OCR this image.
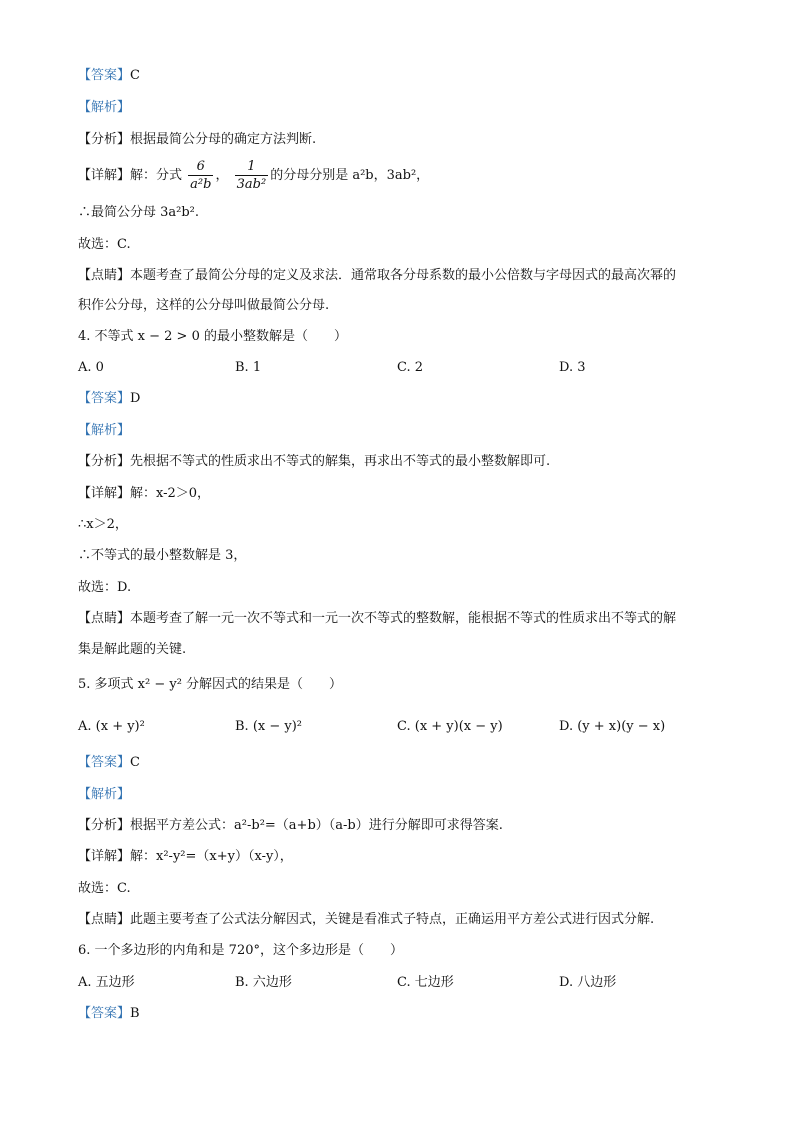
【答案】C
【解析】
【分析】根据最简公分母的确定方法判断.
【详解】解：分式 $\frac{6}{\text{a²b}}$ ， $\frac{1}{\text{3ab²}}$ 的分母分别是 a²b，3ab²，
∴最简公分母 3a²b².
故选：C.
【点睛】本题考查了最简公分母的定义及求法．通常取各分母系数的最小公倍数与字母因式的最高次幂的
积作公分母，这样的公分母叫做最简公分母.
4. 不等式 x − 2 > 0 的最小整数解是（　　）
A. 0	B. 1	C. 2	D. 3
【答案】D
【解析】
【分析】先根据不等式的性质求出不等式的解集，再求出不等式的最小整数解即可.
【详解】解：x-2＞0，
∴x＞2，
∴不等式的最小整数解是 3，
故选：D.
【点睛】本题考查了解一元一次不等式和一元一次不等式的整数解，能根据不等式的性质求出不等式的解
集是解此题的关键.
5. 多项式 x² − y² 分解因式的结果是（　　）
A. (x + y)²	B. (x − y)²	C. (x + y)(x − y)	D. (y + x)(y − x)
【答案】C
【解析】
【分析】根据平方差公式：a²-b²=（a+b）（a-b）进行分解即可求得答案.
【详解】解：x²-y²=（x+y）（x-y），
故选：C.
【点睛】此题主要考查了公式法分解因式，关键是看准式子特点，正确运用平方差公式进行因式分解.
6. 一个多边形的内角和是 720°，这个多边形是（　　）
A. 五边形	B. 六边形	C. 七边形	D. 八边形
【答案】B
